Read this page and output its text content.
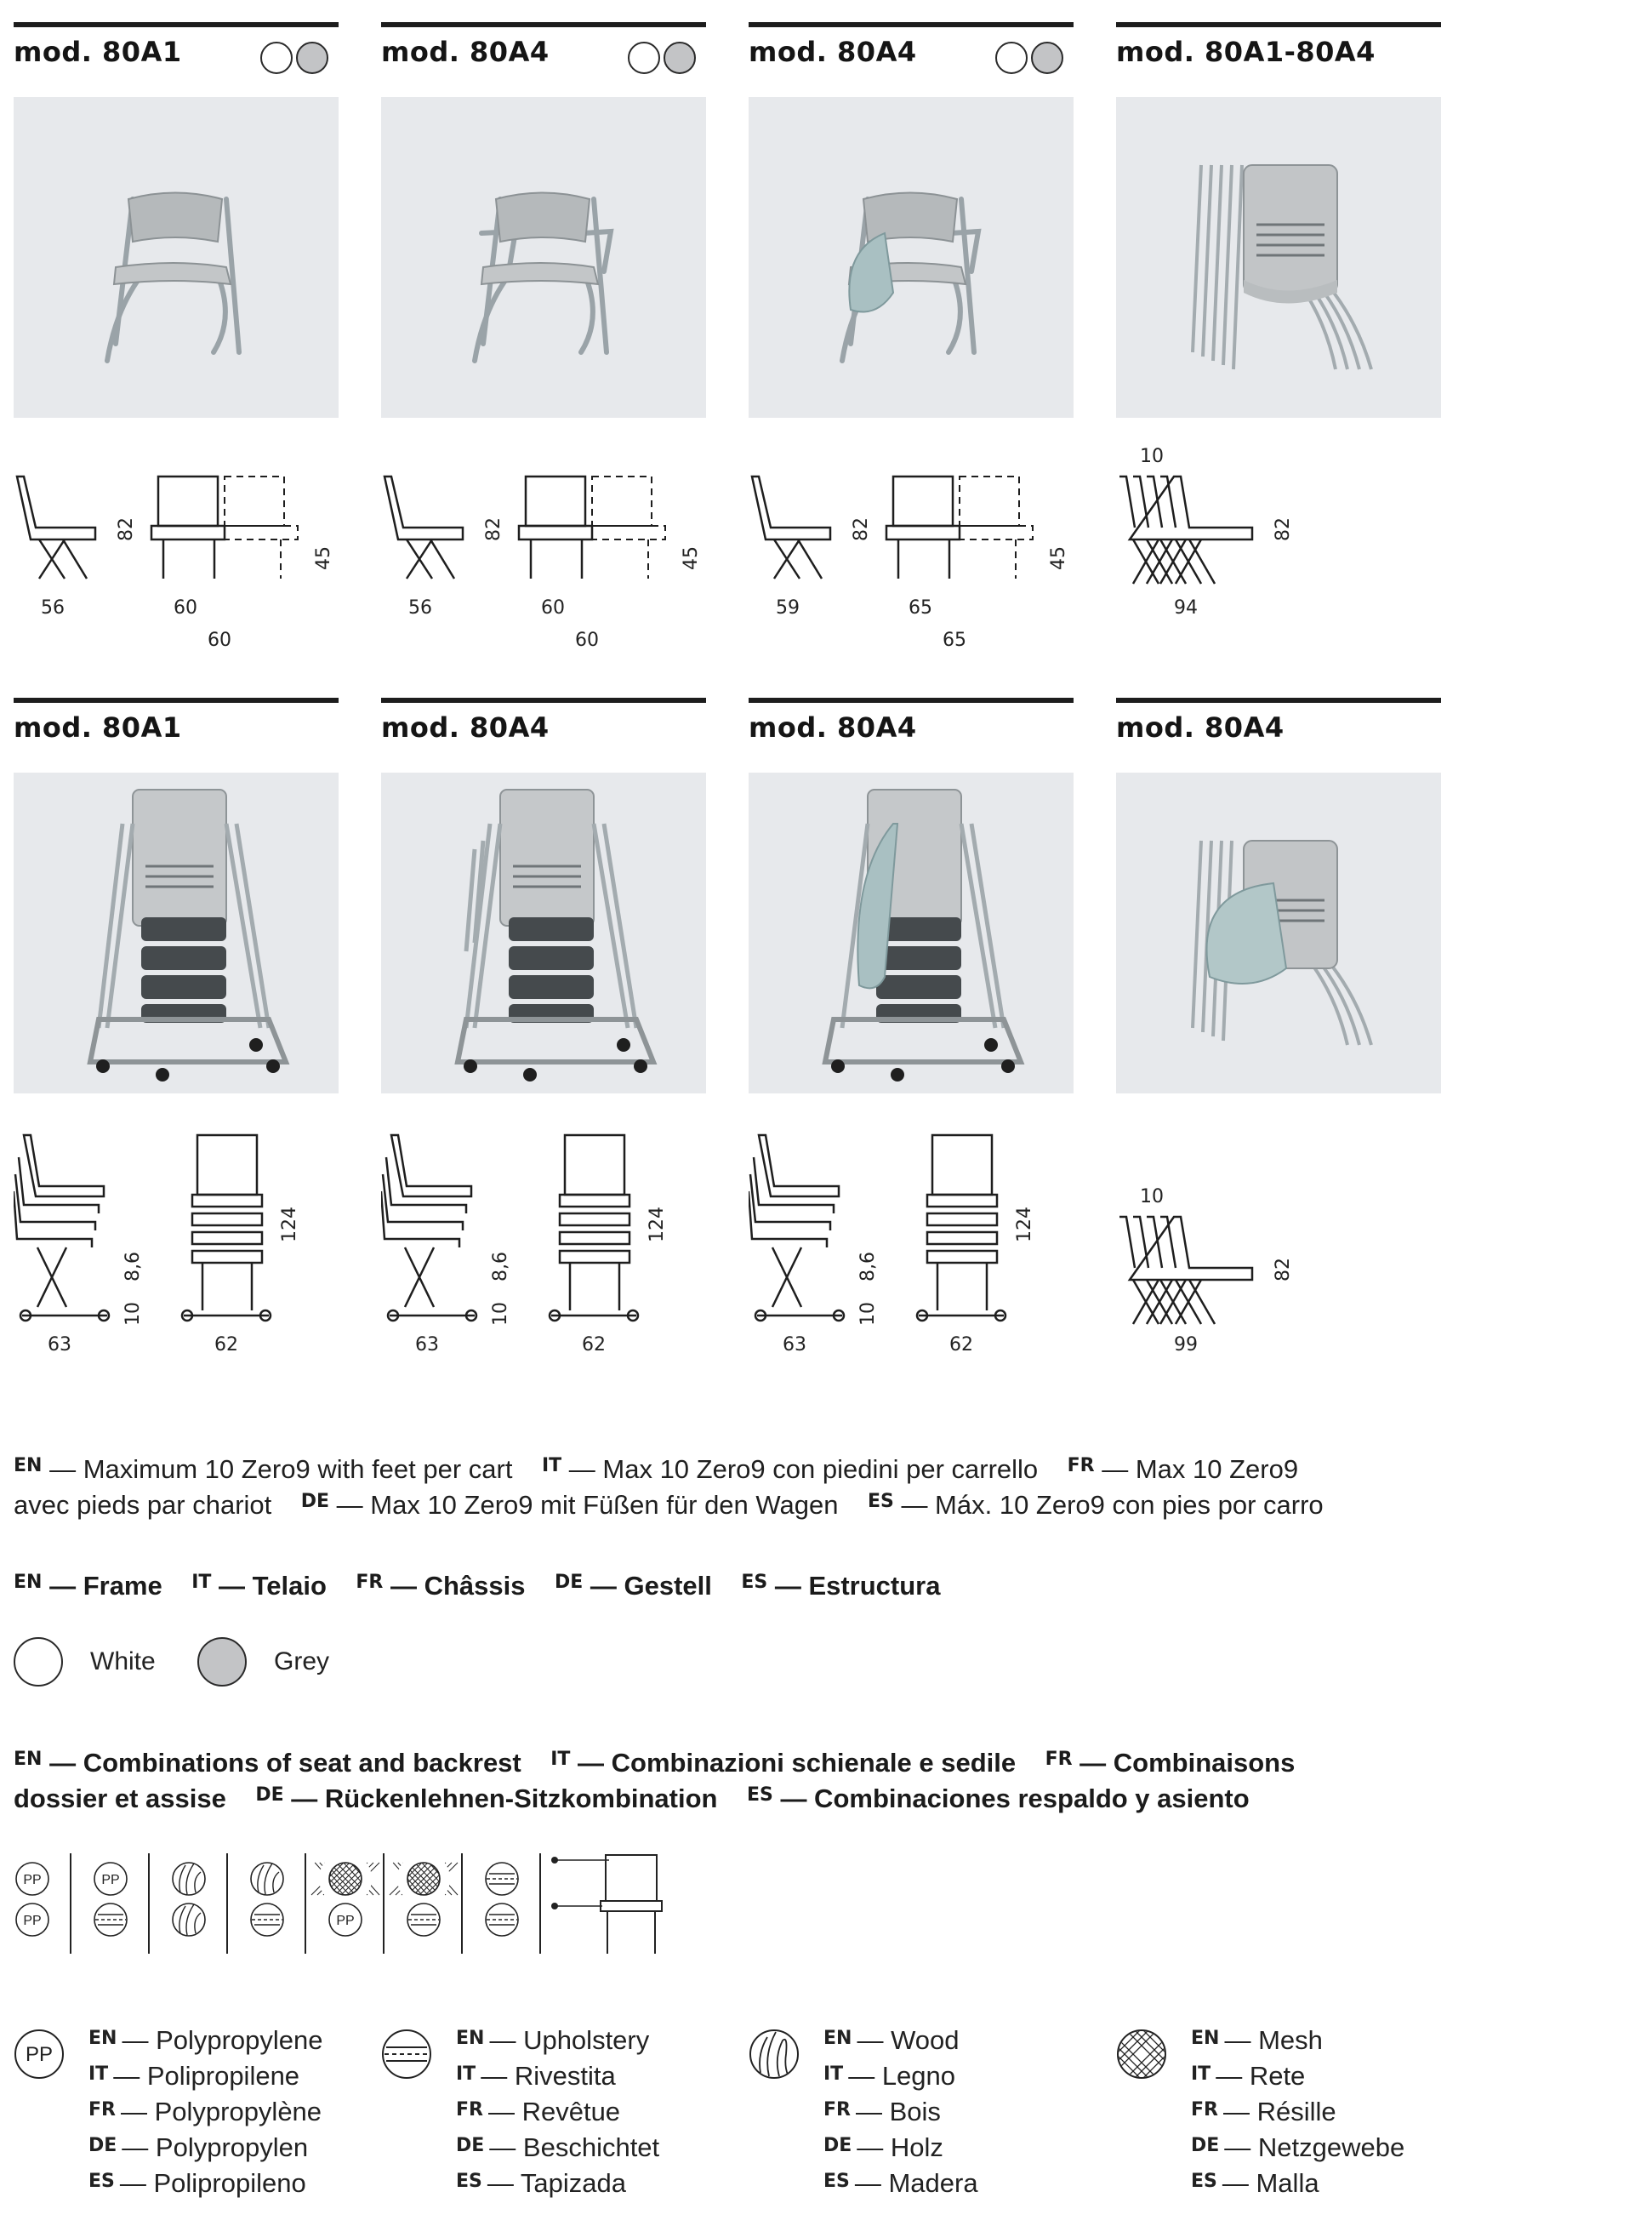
mod. 80A1	mod. 80A4	mod. 80A4	mod. 80A1-80A4
82
45
56	60
60
82
45
56	60
60
82
45
59	65
65
10
82
94
mod. 80A1	mod. 80A4	mod. 80A4	mod. 80A4
124
8,6
10
63	62
124
8,6
10
63	62
124
8,6
10
63	62
10
82
99
$^{EN}$ — Maximum 10 Zero9 with feet per cart $^{IT}$ — Max 10 Zero9 con piedini per carrello $^{FR}$ — Max 10 Zero9
avec pieds par chariot $^{DE}$ — Max 10 Zero9 mit Füßen für den Wagen $^{ES}$ — Máx. 10 Zero9 con pies por carro
$^{EN}$ — Frame $^{IT}$ — Telaio $^{FR}$ — Châssis $^{DE}$ — Gestell $^{ES}$ — Estructura
White	Grey
$^{EN}$ — Combinations of seat and backrest $^{IT}$ — Combinazioni schienale e sedile $^{FR}$ — Combinaisons
dossier et assise $^{DE}$ — Rückenlehnen-Sitzkombination $^{ES}$ — Combinaciones respaldo y asiento
PP
PP
PP
PP
PP
EN — Polypropylene
IT — Polipropilene
FR — Polypropylène
DE — Polypropylen
ES — Polipropileno
EN — Upholstery
IT — Rivestita
FR — Revêtue
DE — Beschichtet
ES — Tapizada
EN — Wood
IT — Legno
FR — Bois
DE — Holz
ES — Madera
EN — Mesh
IT — Rete
FR — Résille
DE — Netzgewebe
ES — Malla
